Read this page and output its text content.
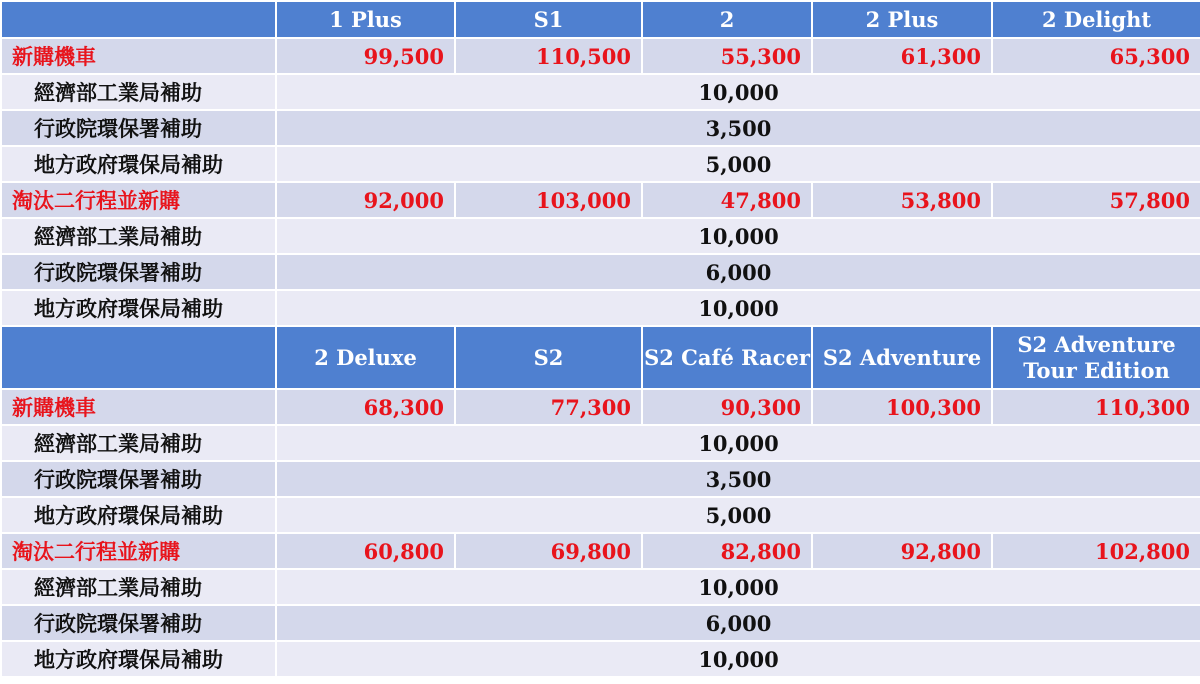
	1 Plus	S1	2	2 Plus	2 Delight
新購機車	99,500	110,500	55,300	61,300	65,300
經濟部工業局補助	10,000				
行政院環保署補助	3,500				
地方政府環保局補助	5,000				
淘汰二行程並新購	92,000	103,000	47,800	53,800	57,800
經濟部工業局補助	10,000				
行政院環保署補助	6,000				
地方政府環保局補助	10,000				
	2 Deluxe	S2	S2 Café Racer	S2 Adventure	S2 Adventure Tour Edition
新購機車	68,300	77,300	90,300	100,300	110,300
經濟部工業局補助	10,000				
行政院環保署補助	3,500				
地方政府環保局補助	5,000				
淘汰二行程並新購	60,800	69,800	82,800	92,800	102,800
經濟部工業局補助	10,000				
行政院環保署補助	6,000				
地方政府環保局補助	10,000				
